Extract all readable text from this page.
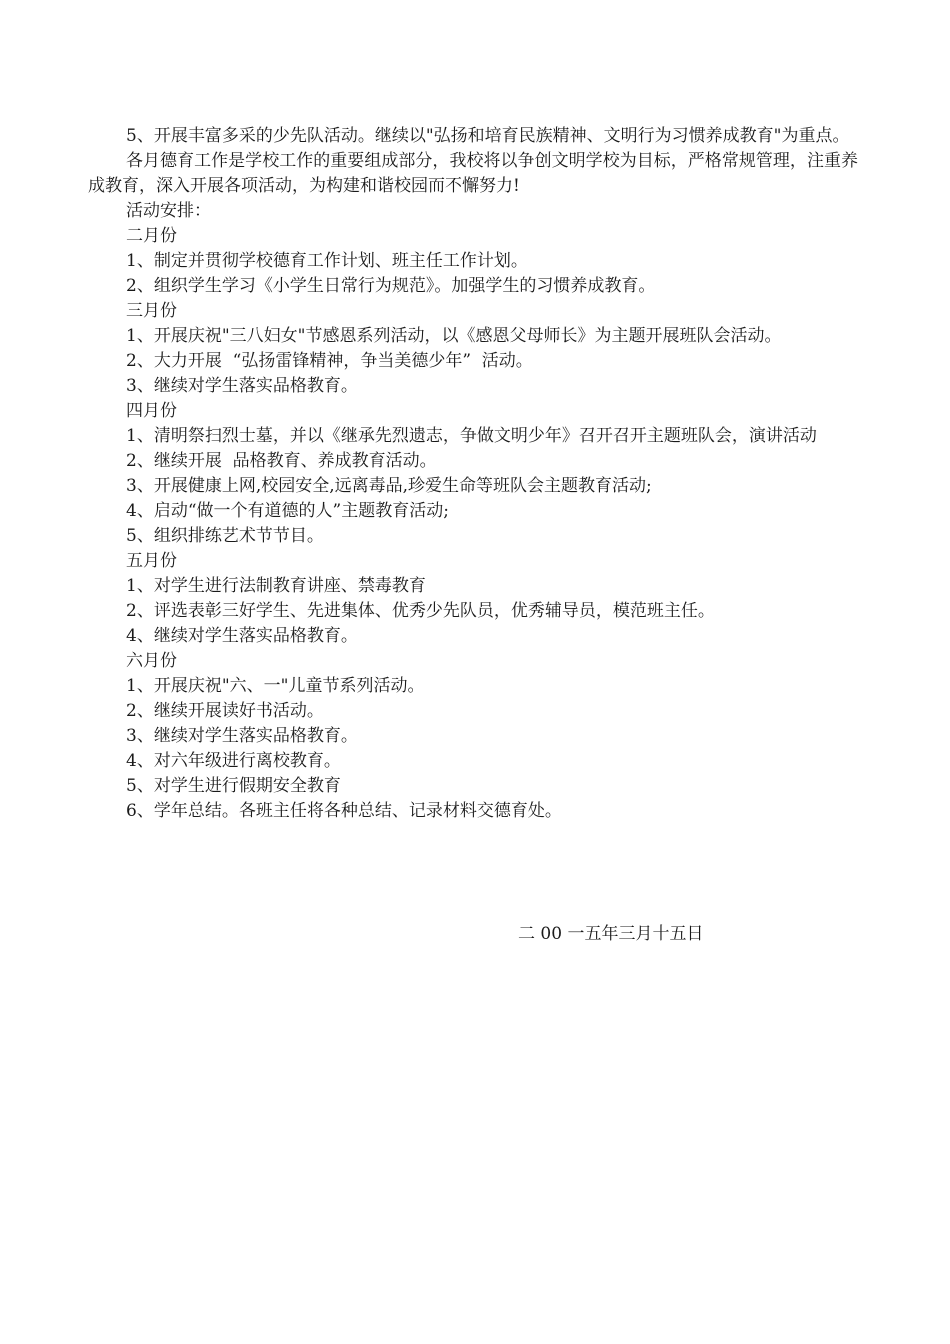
5、开展丰富多采的少先队活动。继续以"弘扬和培育民族精神、文明行为习惯养成教育"为重点。

各月德育工作是学校工作的重要组成部分，我校将以争创文明学校为目标，严格常规管理，注重养成教育，深入开展各项活动，为构建和谐校园而不懈努力!

活动安排：

二月份

1、制定并贯彻学校德育工作计划、班主任工作计划。

2、组织学生学习《小学生日常行为规范》。加强学生的习惯养成教育。

三月份

1、开展庆祝"三八妇女"节感恩系列活动，以《感恩父母师长》为主题开展班队会活动。

2、大力开展  “弘扬雷锋精神，争当美德少年”  活动。

3、继续对学生落实品格教育。

四月份

1、清明祭扫烈士墓，并以《继承先烈遗志，争做文明少年》召开召开主题班队会，演讲活动

2、继续开展  品格教育、养成教育活动。

3、开展健康上网,校园安全,远离毒品,珍爱生命等班队会主题教育活动;

4、启动“做一个有道德的人”主题教育活动;

5、组织排练艺术节节目。

五月份

1、对学生进行法制教育讲座、禁毒教育

2、评选表彰三好学生、先进集体、优秀少先队员，优秀辅导员，模范班主任。

4、继续对学生落实品格教育。

六月份

1、开展庆祝"六、一"儿童节系列活动。

2、继续开展读好书活动。

3、继续对学生落实品格教育。

4、对六年级进行离校教育。

5、对学生进行假期安全教育

6、学年总结。各班主任将各种总结、记录材料交德育处。

二 00 一五年三月十五日
